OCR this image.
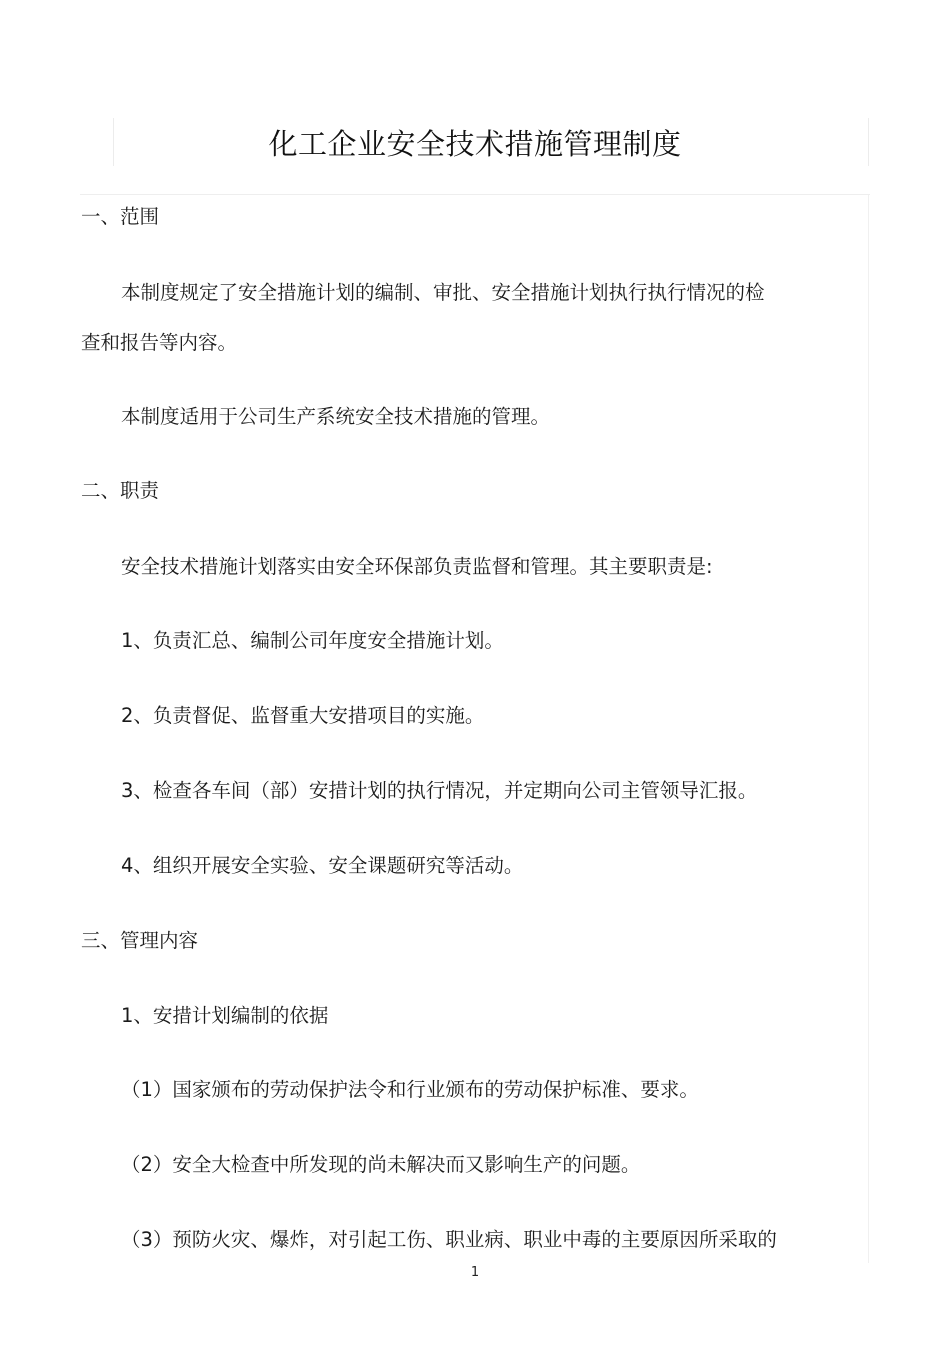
化工企业安全技术措施管理制度
一、范围
本制度规定了安全措施计划的编制、审批、安全措施计划执行执行情况的检
查和报告等内容。
本制度适用于公司生产系统安全技术措施的管理。
二、职责
安全技术措施计划落实由安全环保部负责监督和管理。其主要职责是:
1、负责汇总、编制公司年度安全措施计划。
2、负责督促、监督重大安措项目的实施。
3、检查各车间（部）安措计划的执行情况，并定期向公司主管领导汇报。
4、组织开展安全实验、安全课题研究等活动。
三、管理内容
1、安措计划编制的依据
（1）国家颁布的劳动保护法令和行业颁布的劳动保护标准、要求。
（2）安全大检查中所发现的尚未解决而又影响生产的问题。
（3）预防火灾、爆炸，对引起工伤、职业病、职业中毒的主要原因所采取的
1
